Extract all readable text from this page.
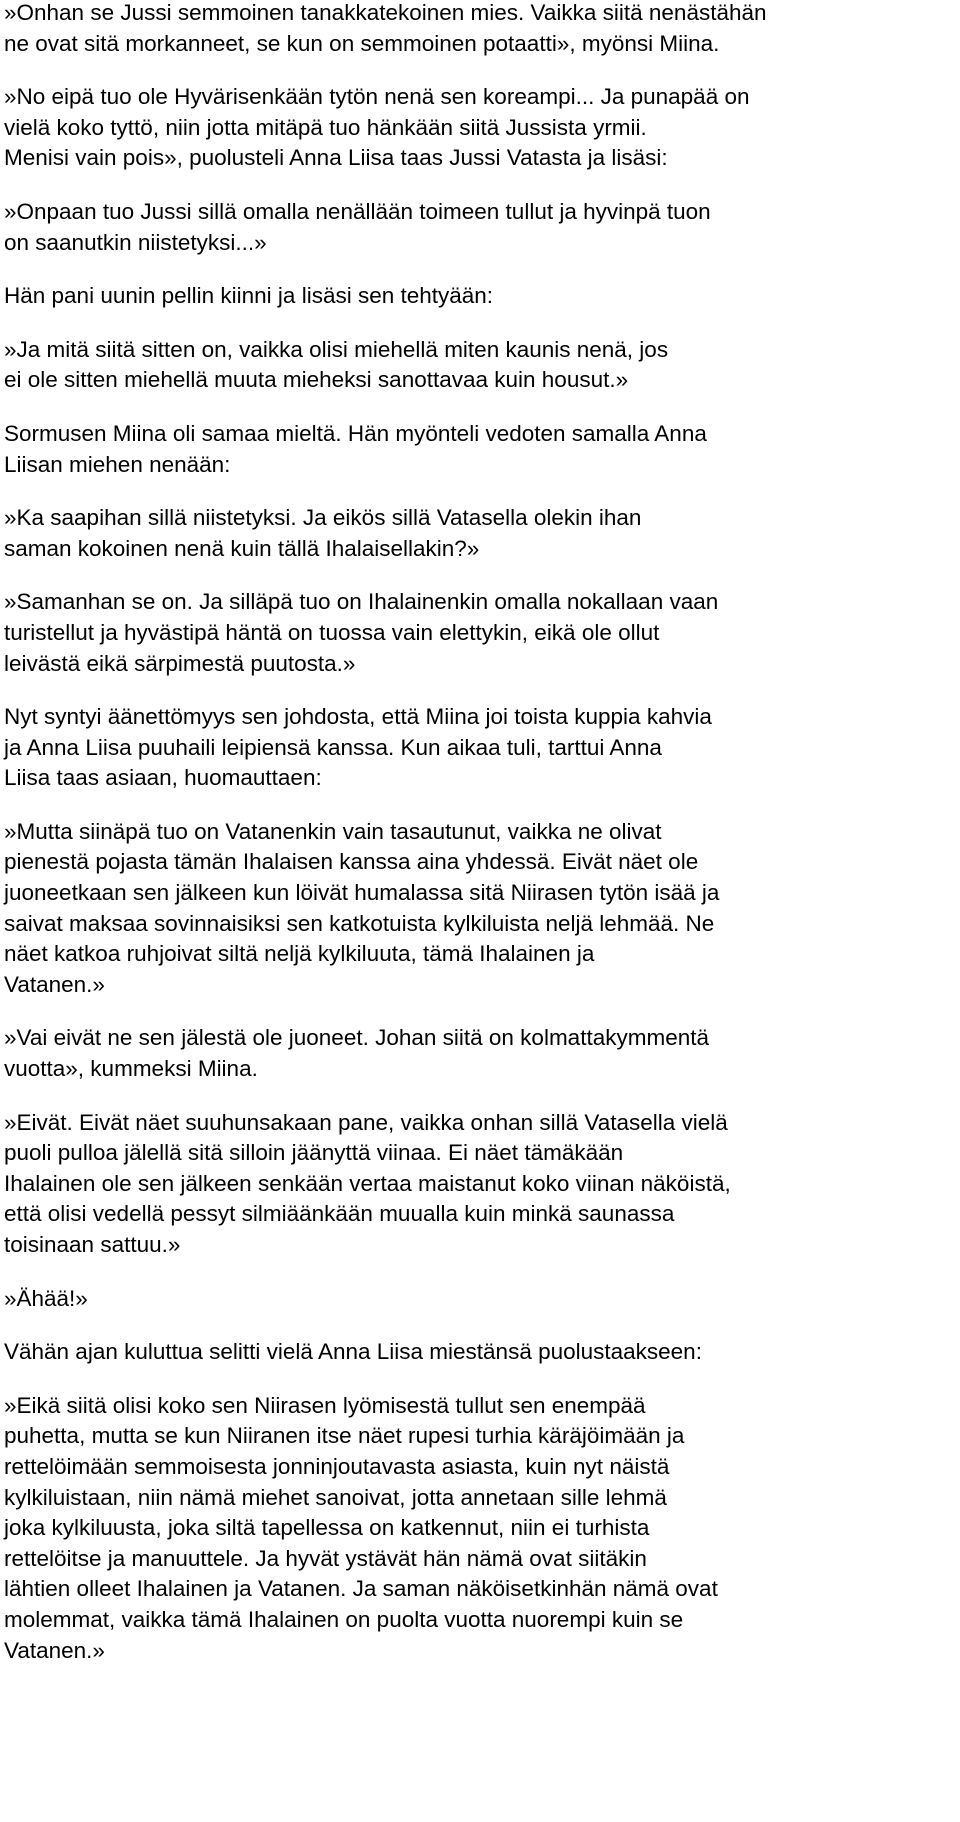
»Onhan se Jussi semmoinen tanakkatekoinen mies. Vaikka siitä nenästähän
ne ovat sitä morkanneet, se kun on semmoinen potaatti», myönsi Miina.
»No eipä tuo ole Hyvärisenkään tytön nenä sen koreampi... Ja punapää on
vielä koko tyttö, niin jotta mitäpä tuo hänkään siitä Jussista yrmii.
Menisi vain pois», puolusteli Anna Liisa taas Jussi Vatasta ja lisäsi:
»Onpaan tuo Jussi sillä omalla nenällään toimeen tullut ja hyvinpä tuon
on saanutkin niistetyksi...»
Hän pani uunin pellin kiinni ja lisäsi sen tehtyään:
»Ja mitä siitä sitten on, vaikka olisi miehellä miten kaunis nenä, jos
ei ole sitten miehellä muuta mieheksi sanottavaa kuin housut.»
Sormusen Miina oli samaa mieltä. Hän myönteli vedoten samalla Anna
Liisan miehen nenään:
»Ka saapihan sillä niistetyksi. Ja eikös sillä Vatasella olekin ihan
saman kokoinen nenä kuin tällä Ihalaisellakin?»
»Samanhan se on. Ja silläpä tuo on Ihalainenkin omalla nokallaan vaan
turistellut ja hyvästipä häntä on tuossa vain elettykin, eikä ole ollut
leivästä eikä särpimestä puutosta.»
Nyt syntyi äänettömyys sen johdosta, että Miina joi toista kuppia kahvia
ja Anna Liisa puuhaili leipiensä kanssa. Kun aikaa tuli, tarttui Anna
Liisa taas asiaan, huomauttaen:
»Mutta siinäpä tuo on Vatanenkin vain tasautunut, vaikka ne olivat
pienestä pojasta tämän Ihalaisen kanssa aina yhdessä. Eivät näet ole
juoneetkaan sen jälkeen kun löivät humalassa sitä Niirasen tytön isää ja
saivat maksaa sovinnaisiksi sen katkotuista kylkiluista neljä lehmää. Ne
näet katkoa ruhjoivat siltä neljä kylkiluuta, tämä Ihalainen ja
Vatanen.»
»Vai eivät ne sen jälestä ole juoneet. Johan siitä on kolmattakymmentä
vuotta», kummeksi Miina.
»Eivät. Eivät näet suuhunsakaan pane, vaikka onhan sillä Vatasella vielä
puoli pulloa jälellä sitä silloin jäänyttä viinaa. Ei näet tämäkään
Ihalainen ole sen jälkeen senkään vertaa maistanut koko viinan näköistä,
että olisi vedellä pessyt silmiäänkään muualla kuin minkä saunassa
toisinaan sattuu.»
»Ähää!»
Vähän ajan kuluttua selitti vielä Anna Liisa miestänsä puolustaakseen:
»Eikä siitä olisi koko sen Niirasen lyömisestä tullut sen enempää
puhetta, mutta se kun Niiranen itse näet rupesi turhia käräjöimään ja
rettelöimään semmoisesta jonninjoutavasta asiasta, kuin nyt näistä
kylkiluistaan, niin nämä miehet sanoivat, jotta annetaan sille lehmä
joka kylkiluusta, joka siltä tapellessa on katkennut, niin ei turhista
rettelöitse ja manuuttele. Ja hyvät ystävät hän nämä ovat siitäkin
lähtien olleet Ihalainen ja Vatanen. Ja saman näköisetkinhän nämä ovat
molemmat, vaikka tämä Ihalainen on puolta vuotta nuorempi kuin se
Vatanen.»
